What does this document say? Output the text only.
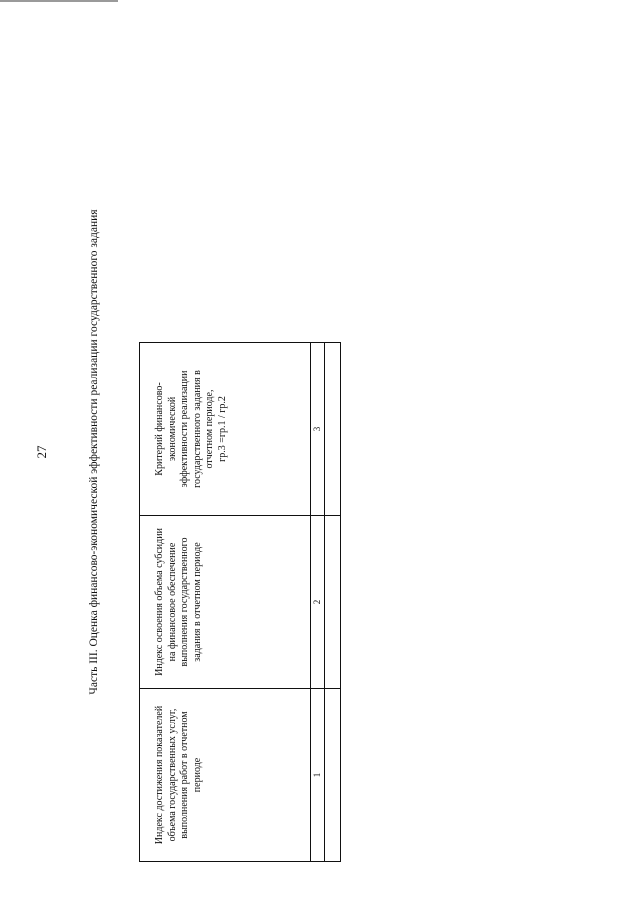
27	Часть III. Оценка финансово-экономической эффективности реализации государственного задания
Индекс достижения показателей
объема государственных услуг,
выполнения работ в отчетном
периоде
Индекс освоения объема субсидии
на финансовое обеспечение
выполнения государственного
задания в отчетном периоде
Критерий финансово-экономической
эффективности реализации
государственного задания в
отчетном периоде,
гр.3 =гр.1 / гр.2
1
2
3
